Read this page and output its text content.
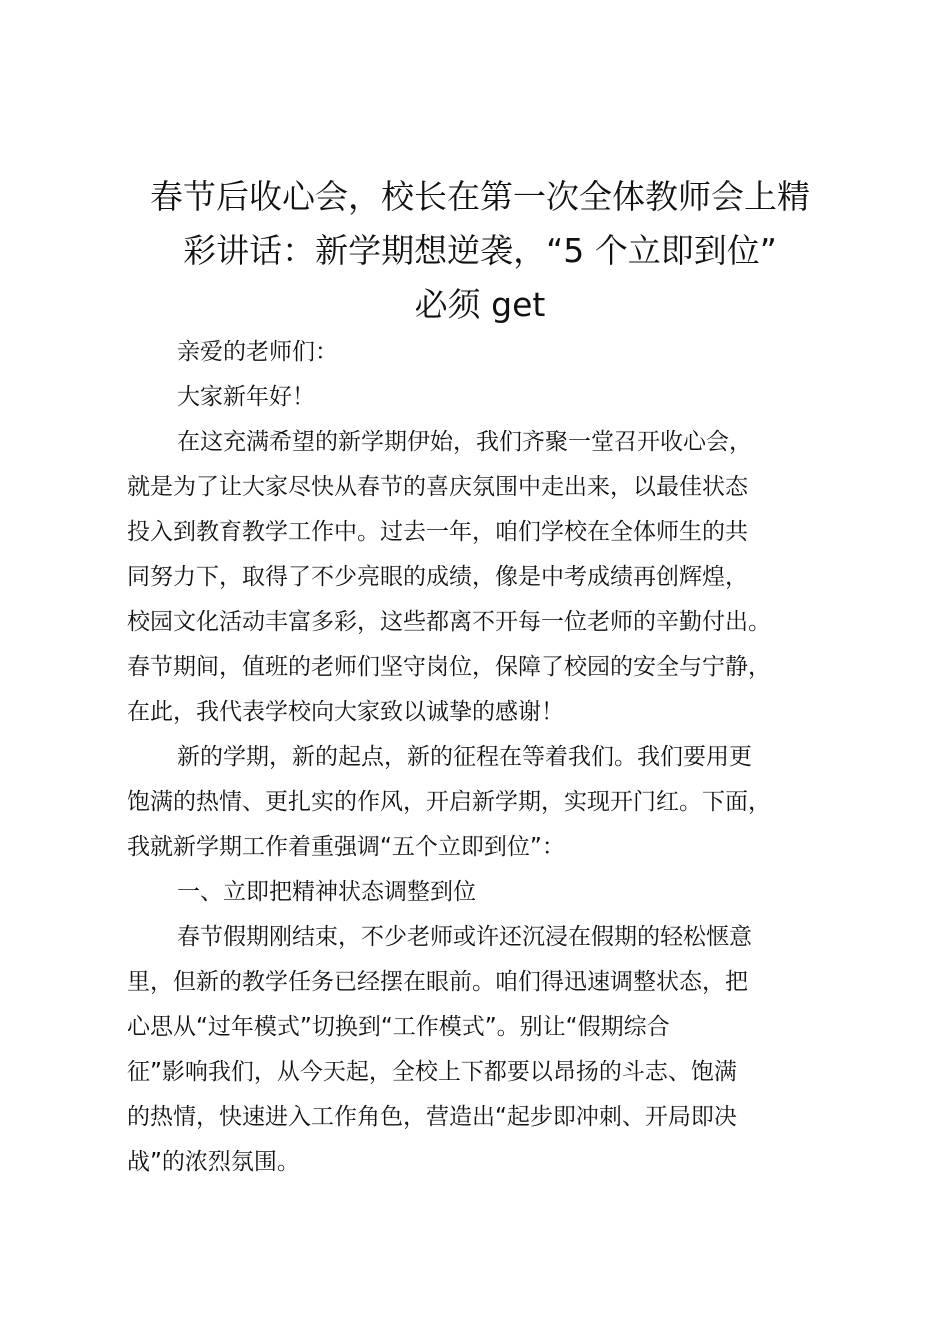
春节后收心会，校长在第一次全体教师会上精
彩讲话：新学期想逆袭，“5 个立即到位”
必须 get
亲爱的老师们：
大家新年好！
在这充满希望的新学期伊始，我们齐聚一堂召开收心会，
就是为了让大家尽快从春节的喜庆氛围中走出来，以最佳状态
投入到教育教学工作中。过去一年，咱们学校在全体师生的共
同努力下，取得了不少亮眼的成绩，像是中考成绩再创辉煌，
校园文化活动丰富多彩，这些都离不开每一位老师的辛勤付出。
春节期间，值班的老师们坚守岗位，保障了校园的安全与宁静，
在此，我代表学校向大家致以诚挚的感谢！
新的学期，新的起点，新的征程在等着我们。我们要用更
饱满的热情、更扎实的作风，开启新学期，实现开门红。下面，
我就新学期工作着重强调“五个立即到位”：
一、立即把精神状态调整到位
春节假期刚结束，不少老师或许还沉浸在假期的轻松惬意
里，但新的教学任务已经摆在眼前。咱们得迅速调整状态，把
心思从“过年模式”切换到“工作模式”。别让“假期综合
征”影响我们，从今天起，全校上下都要以昂扬的斗志、饱满
的热情，快速进入工作角色，营造出“起步即冲刺、开局即决
战”的浓烈氛围。
